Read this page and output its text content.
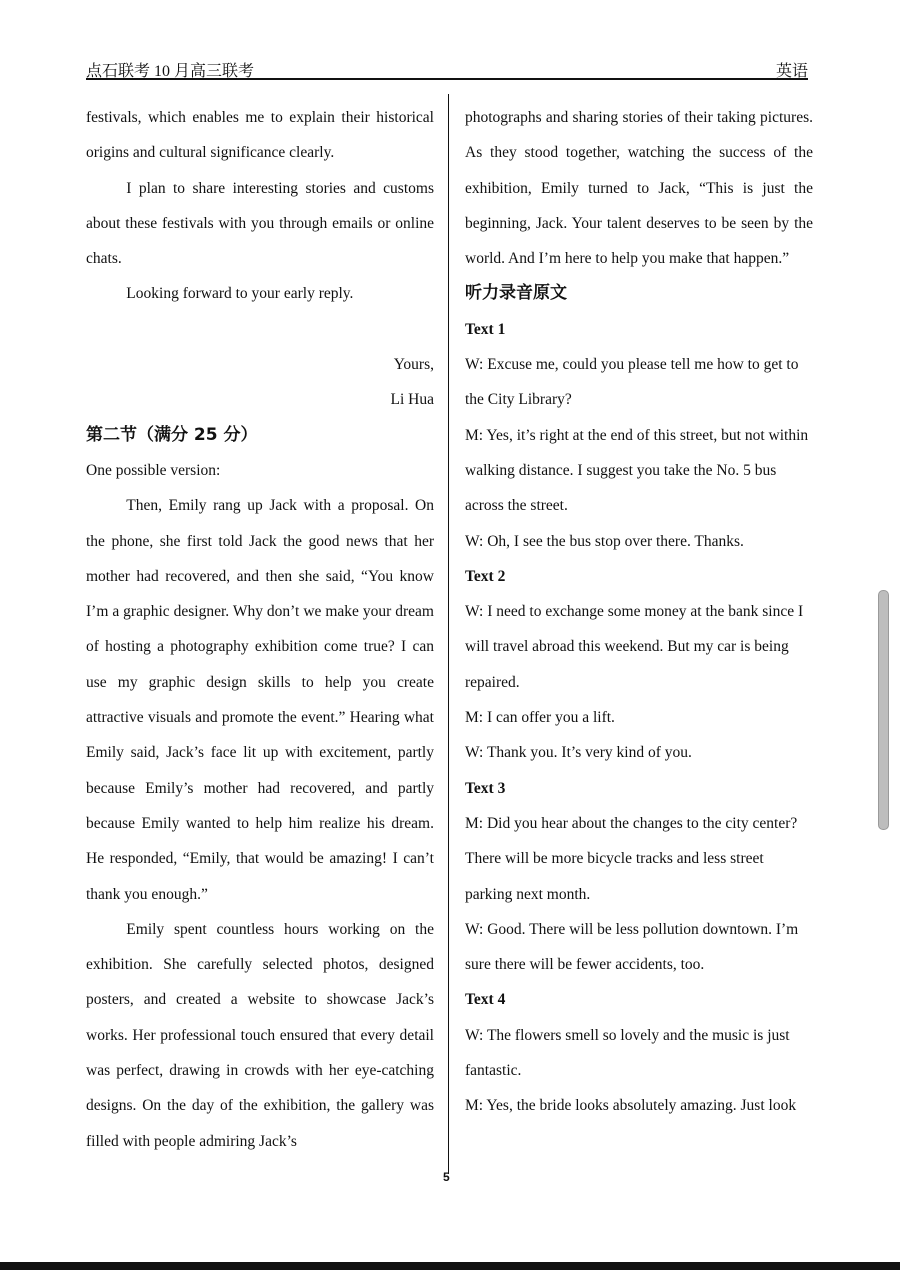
点石联考 10 月高三联考	英语

festivals, which enables me to explain their historical origins and cultural significance clearly.

I plan to share interesting stories and customs about these festivals with you through emails or online chats.

Looking forward to your early reply.

Yours,

Li Hua

第二节（满分 25 分）

One possible version:

Then, Emily rang up Jack with a proposal. On the phone, she first told Jack the good news that her mother had recovered, and then she said, “You know I’m a graphic designer. Why don’t we make your dream of hosting a photography exhibition come true? I can use my graphic design skills to help you create attractive visuals and promote the event.” Hearing what Emily said, Jack’s face lit up with excitement, partly because Emily’s mother had recovered, and partly because Emily wanted to help him realize his dream. He responded, “Emily, that would be amazing! I can’t thank you enough.”

Emily spent countless hours working on the exhibition. She carefully selected photos, designed posters, and created a website to showcase Jack’s works. Her professional touch ensured that every detail was perfect, drawing in crowds with her eye-catching designs. On the day of the exhibition, the gallery was filled with people admiring Jack’s

photographs and sharing stories of their taking pictures. As they stood together, watching the success of the exhibition, Emily turned to Jack, “This is just the beginning, Jack. Your talent deserves to be seen by the world. And I’m here to help you make that happen.”

听力录音原文

Text 1

W: Excuse me, could you please tell me how to get to the City Library?

M: Yes, it’s right at the end of this street, but not within walking distance. I suggest you take the No. 5 bus across the street.

W: Oh, I see the bus stop over there. Thanks.

Text 2

W: I need to exchange some money at the bank since I will travel abroad this weekend. But my car is being repaired.

M: I can offer you a lift.

W: Thank you. It’s very kind of you.

Text 3

M: Did you hear about the changes to the city center? There will be more bicycle tracks and less street parking next month.

W: Good. There will be less pollution downtown. I’m sure there will be fewer accidents, too.

Text 4

W: The flowers smell so lovely and the music is just fantastic.

M: Yes, the bride looks absolutely amazing. Just look

5
